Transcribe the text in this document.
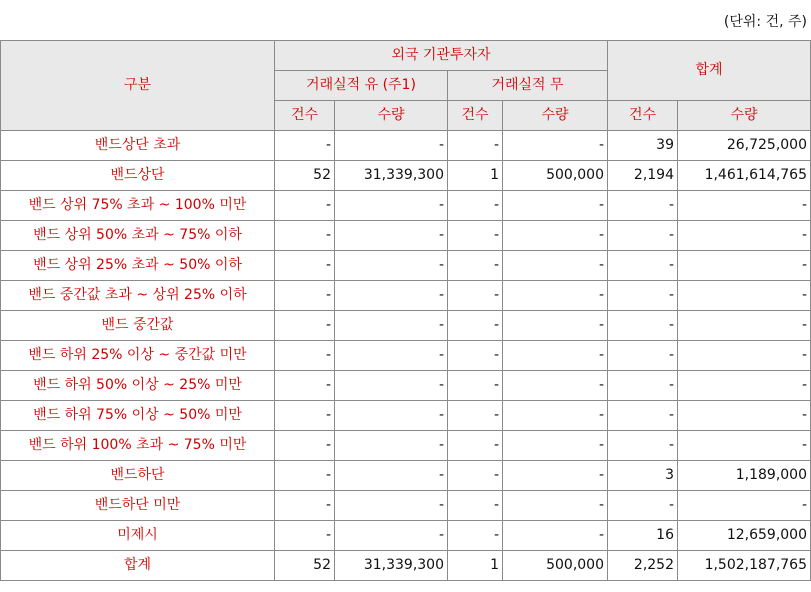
(단위: 건, 주)
구분	외국 기관투자자				합계	
	거래실적 유 (주1)		거래실적 무			
	건수	수량	건수	수량	건수	수량
밴드상단 초과	-	-	-	-	39	26,725,000
밴드상단	52	31,339,300	1	500,000	2,194	1,461,614,765
밴드 상위 75% 초과 ~ 100% 미만	-	-	-	-	-	-
밴드 상위 50% 초과 ~ 75% 이하	-	-	-	-	-	-
밴드 상위 25% 초과 ~ 50% 이하	-	-	-	-	-	-
밴드 중간값 초과 ~ 상위 25% 이하	-	-	-	-	-	-
밴드 중간값	-	-	-	-	-	-
밴드 하위 25% 이상 ~ 중간값 미만	-	-	-	-	-	-
밴드 하위 50% 이상 ~ 25% 미만	-	-	-	-	-	-
밴드 하위 75% 이상 ~ 50% 미만	-	-	-	-	-	-
밴드 하위 100% 초과 ~ 75% 미만	-	-	-	-	-	-
밴드하단	-	-	-	-	3	1,189,000
밴드하단 미만	-	-	-	-	-	-
미제시	-	-	-	-	16	12,659,000
합계	52	31,339,300	1	500,000	2,252	1,502,187,765
